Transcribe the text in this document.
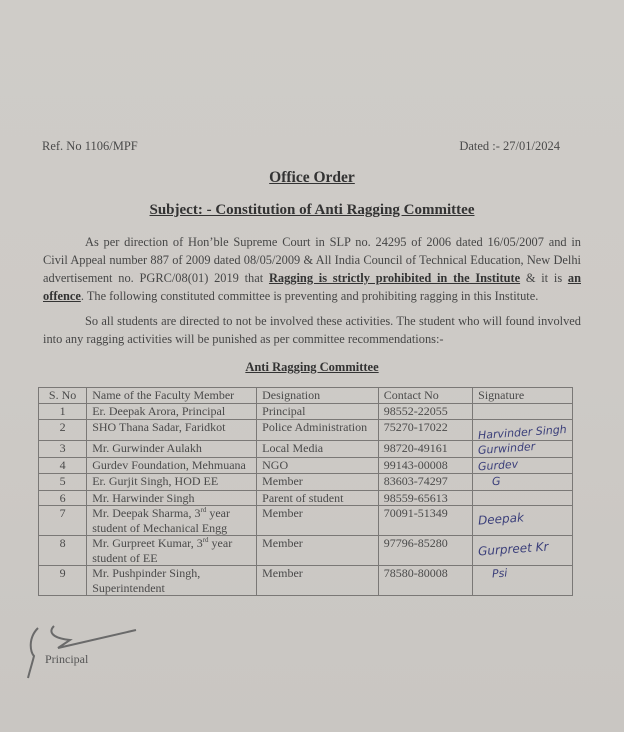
Ref. No 1106/MPF	Dated :- 27/01/2024
Office Order
Subject: - Constitution of Anti Ragging Committee
As per direction of Hon’ble Supreme Court in SLP no. 24295 of 2006 dated 16/05/2007 and in Civil Appeal number 887 of 2009 dated 08/05/2009 & All India Council of Technical Education, New Delhi advertisement no. PGRC/08(01) 2019 that Ragging is strictly prohibited in the Institute & it is an offence. The following constituted committee is preventing and prohibiting ragging in this Institute.
So all students are directed to not be involved these activities. The student who will found involved into any ragging activities will be punished as per committee recommendations:-
Anti Ragging Committee
S. No	Name of the Faculty Member	Designation	Contact No	Signature
1	Er. Deepak Arora, Principal	Principal	98552-22055	
2	SHO Thana Sadar, Faridkot	Police Administration	75270-17022	Harvinder Singh
3	Mr. Gurwinder Aulakh	Local Media	98720-49161	Gurwinder
4	Gurdev Foundation, Mehmuana	NGO	99143-00008	Gurdev
5	Er. Gurjit Singh, HOD EE	Member	83603-74297	G
6	Mr. Harwinder Singh	Parent of student	98559-65613	
7	Mr. Deepak Sharma, 3rd year student of Mechanical Engg	Member	70091-51349	Deepak
8	Mr. Gurpreet Kumar, 3rd year student of EE	Member	97796-85280	Gurpreet Kr
9	Mr. Pushpinder Singh, Superintendent	Member	78580-80008	Psi
Principal
